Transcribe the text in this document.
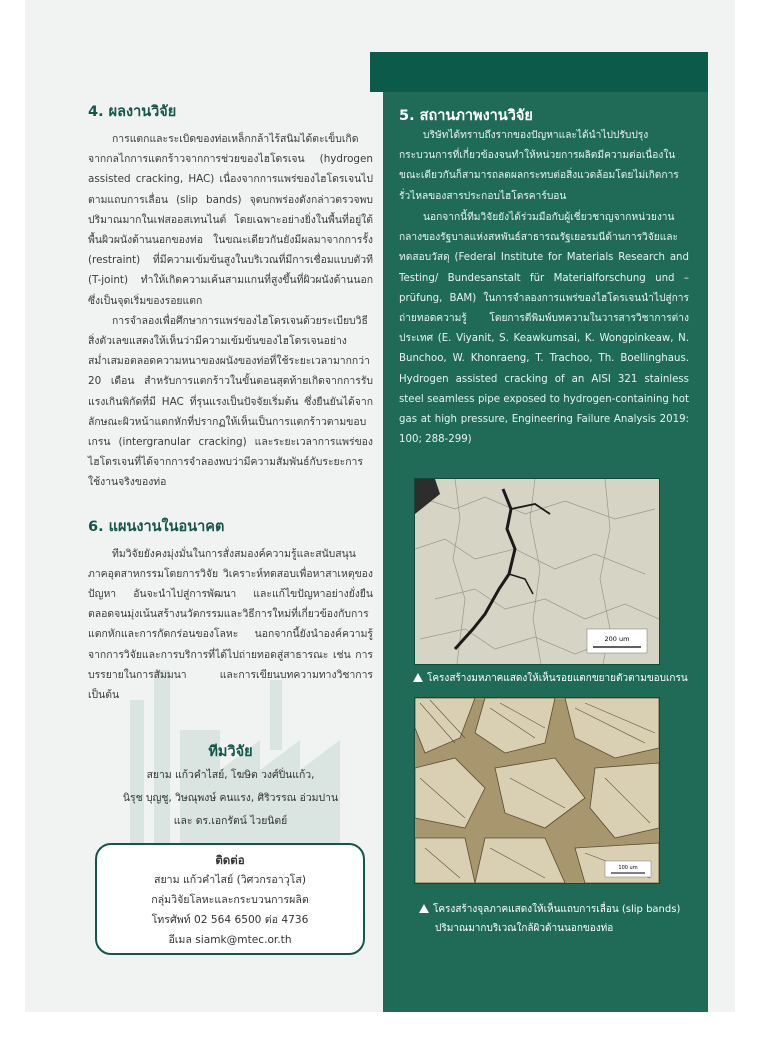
4. ผลงานวิจัย

การแตกและระเบิดของท่อเหล็กกล้าไร้สนิมได้ตะเข็บเกิดจากกลไกการแตกร้าวจากการช่วยของไฮโดรเจน (hydrogen assisted cracking, HAC) เนื่องจากการแพร่ของไฮโดรเจนไปตามแถบการเลื่อน (slip bands) จุดบกพร่องดังกล่าวตรวจพบปริมาณมากในเฟสออสเทนไนต์ โดยเฉพาะอย่างยิ่งในพื้นที่อยู่ใต้พื้นผิวผนังด้านนอกของท่อ ในขณะเดียวกันยังมีผลมาจากการรั้ง (restraint) ที่มีความเข้มข้นสูงในบริเวณที่มีการเชื่อมแบบตัวที (T-joint) ทำให้เกิดความเค้นสามแกนที่สูงขึ้นที่ผิวผนังด้านนอกซึ่งเป็นจุดเริ่มของรอยแตก

การจำลองเพื่อศึกษาการแพร่ของไฮโดรเจนด้วยระเบียบวิธีสิ่งตัวเลขแสดงให้เห็นว่ามีความเข้มข้นของไฮโดรเจนอย่างสม่ำเสมอตลอดความหนาของผนังของท่อที่ใช้ระยะเวลามากกว่า 20 เดือน สำหรับการแตกร้าวในขั้นตอนสุดท้ายเกิดจากการรับแรงเกินพิกัดที่มี HAC ที่รุนแรงเป็นปัจจัยเริ่มต้น ซึ่งยืนยันได้จากลักษณะผิวหน้าแตกหักที่ปรากฏให้เห็นเป็นการแตกร้าวตามขอบเกรน (intergranular cracking) และระยะเวลาการแพร่ของไฮโดรเจนที่ได้จากการจำลองพบว่ามีความสัมพันธ์กับระยะการใช้งานจริงของท่อ

6. แผนงานในอนาคต

ทีมวิจัยยังคงมุ่งมั่นในการสั่งสมองค์ความรู้และสนับสนุนภาคอุตสาหกรรมโดยการวิจัย วิเคราะห์ทดสอบเพื่อหาสาเหตุของปัญหา อันจะนำไปสู่การพัฒนา และแก้ไขปัญหาอย่างยั่งยืน ตลอดจนมุ่งเน้นสร้างนวัตกรรมและวิธีการใหม่ที่เกี่ยวข้องกับการแตกหักและการกัดกร่อนของโลหะ นอกจากนี้ยังนำองค์ความรู้จากการวิจัยและการบริการที่ได้ไปถ่ายทอดสู่สาธารณะ เช่น การบรรยายในการสัมมนา และการเขียนบทความทางวิชาการเป็นต้น

ทีมวิจัย
สยาม แก้วคำไสย์, โฆษิต วงศ์ปิ่นแก้ว,
นิรุช บุญชู, วิษณุพงษ์ คนแรง, ศิริวรรณ อ่วมปาน
และ ดร.เอกรัตน์ ไวยนิตย์
ติดต่อ
สยาม แก้วคำไสย์ (วิศวกรอาวุโส)
กลุ่มวิจัยโลหะและกระบวนการผลิต
โทรศัพท์ 02 564 6500 ต่อ 4736
อีเมล siamk@mtec.or.th
5. สถานภาพงานวิจัย
บริษัทได้ทราบถึงรากของปัญหาและได้นำไปปรับปรุงกระบวนการที่เกี่ยวข้องจนทำให้หน่วยการผลิตมีความต่อเนื่องในขณะเดียวกันก็สามารถลดผลกระทบต่อสิ่งแวดล้อมโดยไม่เกิดการรั่วไหลของสารประกอบไฮโดรคาร์บอน
นอกจากนี้ทีมวิจัยยังได้ร่วมมือกับผู้เชี่ยวชาญจากหน่วยงานกลางของรัฐบาลแห่งสหพันธ์สาธารณรัฐเยอรมนีด้านการวิจัยและทดสอบวัสดุ (Federal Institute for Materials Research and Testing/ Bundesanstalt für Materialforschung und –prüfung, BAM) ในการจำลองการแพร่ของไฮโดรเจนนำไปสู่การถ่ายทอดความรู้ โดยการตีพิมพ์บทความในวารสารวิชาการต่างประเทศ (E. Viyanit, S. Keawkumsai, K. Wongpinkeaw, N. Bunchoo, W. Khonraeng, T. Trachoo, Th. Boellinghaus. Hydrogen assisted cracking of an AISI 321 stainless steel seamless pipe exposed to hydrogen-containing hot gas at high pressure, Engineering Failure Analysis 2019: 100; 288-299)
200 um
โครงสร้างมหภาคแสดงให้เห็นรอยแตกขยายตัวตามขอบเกรน
100 um
โครงสร้างจุลภาคแสดงให้เห็นแถบการเลื่อน (slip bands)
ปริมาณมากบริเวณใกล้ผิวด้านนอกของท่อ
